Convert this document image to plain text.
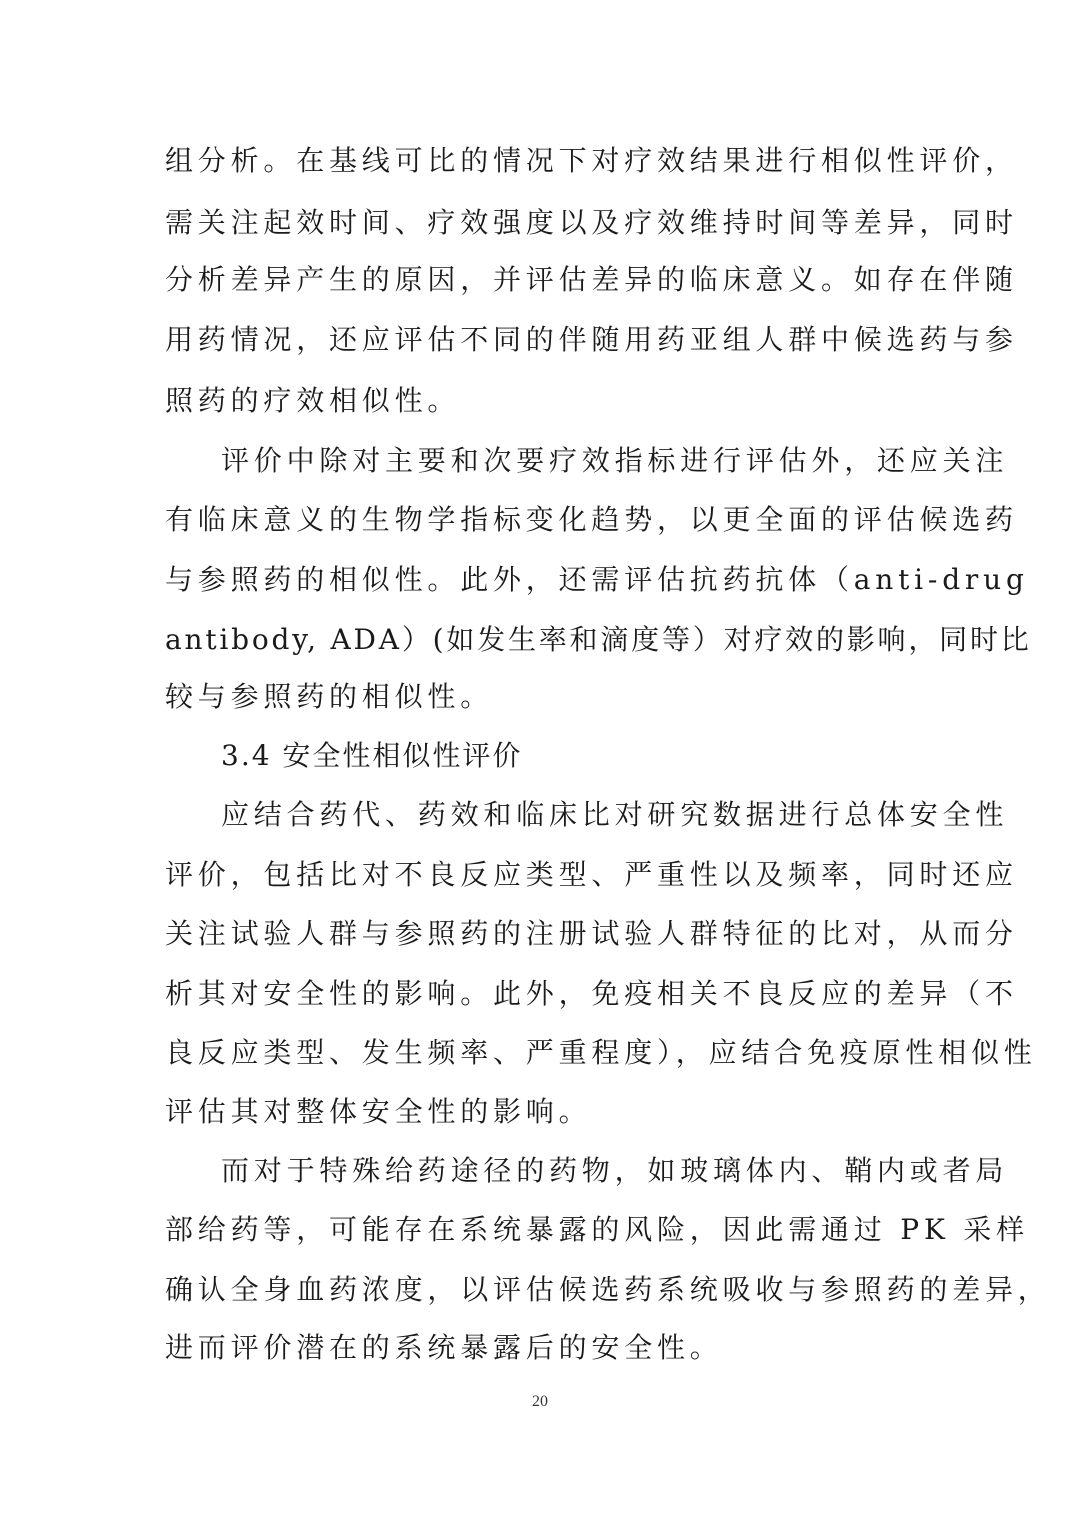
组分析。在基线可比的情况下对疗效结果进行相似性评价，
需关注起效时间、疗效强度以及疗效维持时间等差异，同时
分析差异产生的原因，并评估差异的临床意义。如存在伴随
用药情况，还应评估不同的伴随用药亚组人群中候选药与参
照药的疗效相似性。
评价中除对主要和次要疗效指标进行评估外，还应关注
有临床意义的生物学指标变化趋势，以更全面的评估候选药
与参照药的相似性。此外，还需评估抗药抗体（anti-drug
antibody, ADA）(如发生率和滴度等）对疗效的影响，同时比
较与参照药的相似性。
3.4 安全性相似性评价
应结合药代、药效和临床比对研究数据进行总体安全性
评价，包括比对不良反应类型、严重性以及频率，同时还应
关注试验人群与参照药的注册试验人群特征的比对，从而分
析其对安全性的影响。此外，免疫相关不良反应的差异（不
良反应类型、发生频率、严重程度），应结合免疫原性相似性
评估其对整体安全性的影响。
而对于特殊给药途径的药物，如玻璃体内、鞘内或者局
部给药等，可能存在系统暴露的风险，因此需通过 PK 采样
确认全身血药浓度，以评估候选药系统吸收与参照药的差异，
进而评价潜在的系统暴露后的安全性。
20
